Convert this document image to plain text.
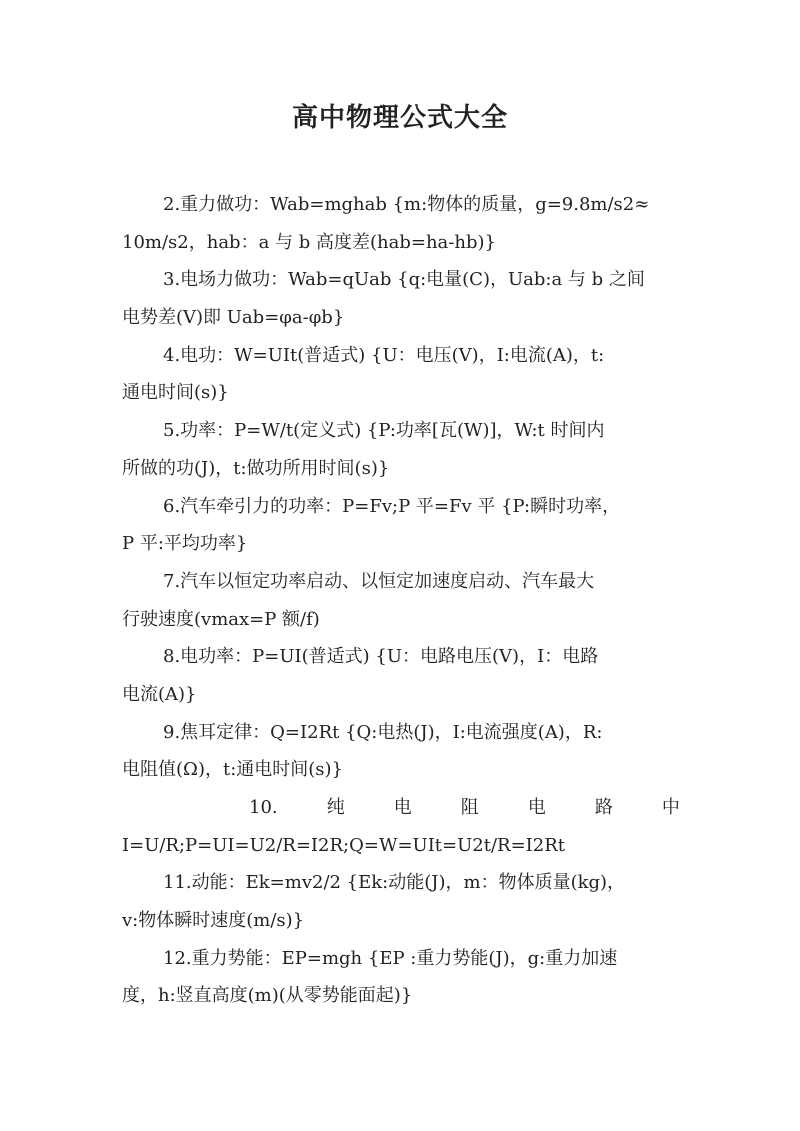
高中物理公式大全
2.重力做功：Wab=mghab {m:物体的质量，g=9.8m/s2≈
10m/s2，hab：a 与 b 高度差(hab=ha-hb)}
3.电场力做功：Wab=qUab {q:电量(C)，Uab:a 与 b 之间
电势差(V)即 Uab=φa-φb}
4.电功：W=UIt(普适式) {U：电压(V)，I:电流(A)，t:
通电时间(s)}
5.功率：P=W/t(定义式) {P:功率[瓦(W)]，W:t 时间内
所做的功(J)，t:做功所用时间(s)}
6.汽车牵引力的功率：P=Fv;P 平=Fv 平 {P:瞬时功率，
P 平:平均功率}
7.汽车以恒定功率启动、以恒定加速度启动、汽车最大
行驶速度(vmax=P 额/f)
8.电功率：P=UI(普适式) {U：电路电压(V)，I：电路
电流(A)}
9.焦耳定律：Q=I2Rt {Q:电热(J)，I:电流强度(A)，R:
电阻值(Ω)，t:通电时间(s)}
10.	纯	电	阻	电	路	中
I=U/R;P=UI=U2/R=I2R;Q=W=UIt=U2t/R=I2Rt
11.动能：Ek=mv2/2 {Ek:动能(J)，m：物体质量(kg)，
v:物体瞬时速度(m/s)}
12.重力势能：EP=mgh {EP :重力势能(J)，g:重力加速
度，h:竖直高度(m)(从零势能面起)}
